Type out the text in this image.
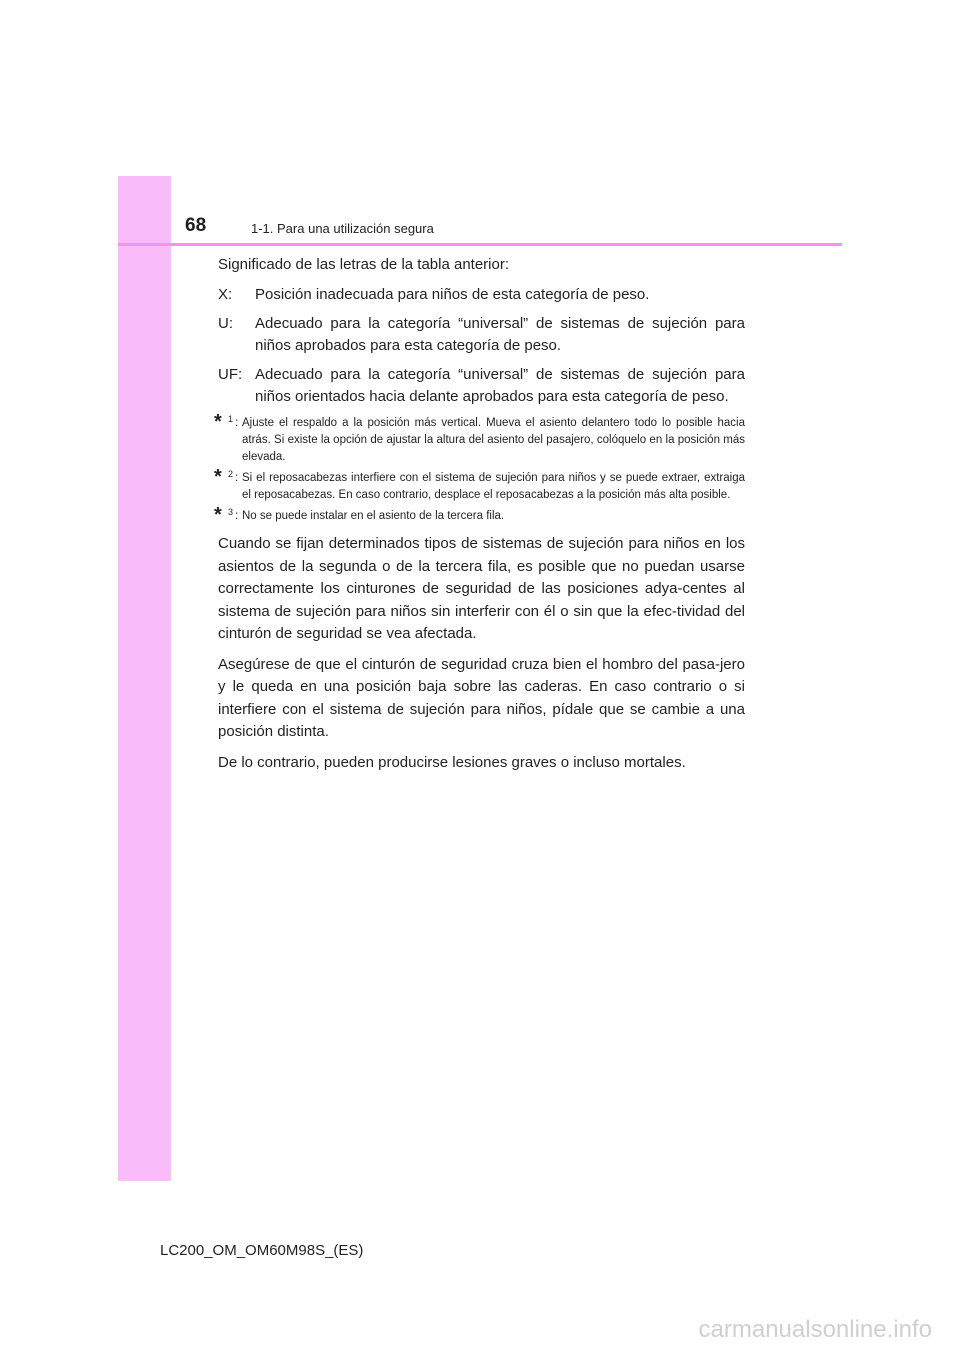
68	1-1. Para una utilización segura

Significado de las letras de la tabla anterior:

X:	Posición inadecuada para niños de esta categoría de peso.
U:	Adecuado para la categoría “universal” de sistemas de sujeción para niños aprobados para esta categoría de peso.
UF: Adecuado para la categoría “universal” de sistemas de sujeción para niños orientados hacia delante aprobados para esta categoría de peso.
* 1 : Ajuste el respaldo a la posición más vertical. Mueva el asiento delantero todo lo posible hacia atrás. Si existe la opción de ajustar la altura del asiento del pasajero, colóquelo en la posición más elevada.
* 2 : Si el reposacabezas interfiere con el sistema de sujeción para niños y se puede extraer, extraiga el reposacabezas. En caso contrario, desplace el reposacabezas a la posición más alta posible.
* 3 : No se puede instalar en el asiento de la tercera fila.

Cuando se fijan determinados tipos de sistemas de sujeción para niños en los asientos de la segunda o de la tercera fila, es posible que no puedan usarse correctamente los cinturones de seguridad de las posiciones adya-centes al sistema de sujeción para niños sin interferir con él o sin que la efec-tividad del cinturón de seguridad se vea afectada.

Asegúrese de que el cinturón de seguridad cruza bien el hombro del pasa-jero y le queda en una posición baja sobre las caderas. En caso contrario o si interfiere con el sistema de sujeción para niños, pídale que se cambie a una posición distinta.

De lo contrario, pueden producirse lesiones graves o incluso mortales.

LC200_OM_OM60M98S_(ES)
carmanualsonline.info
